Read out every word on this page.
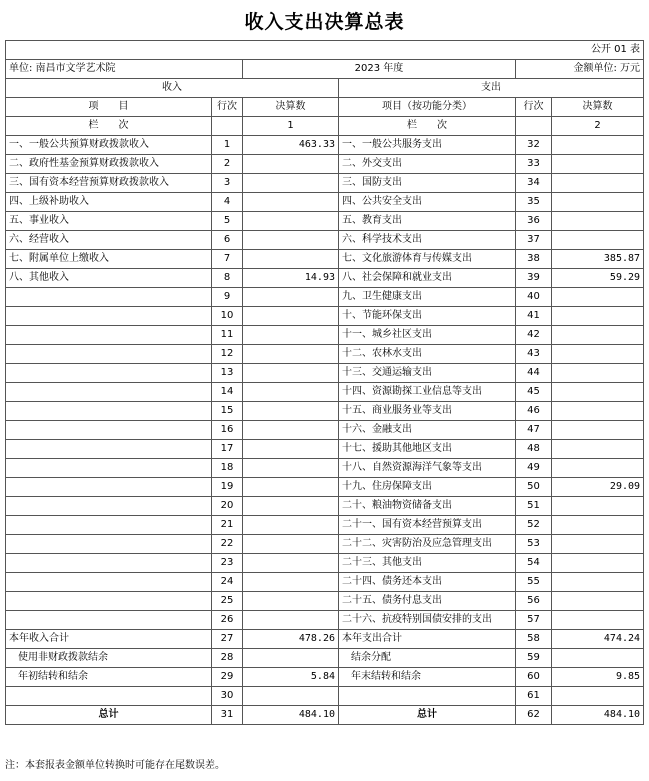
收入支出决算总表
公开 01 表					
单位: 南昌市文学艺术院		2023 年度		金额单位: 万元	
收入			支出		
项　　目	行次	决算数	项目（按功能分类）	行次	决算数
栏　　次		1	栏　　次		2
一、一般公共预算财政拨款收入	1	463.33	一、一般公共服务支出	32	
二、政府性基金预算财政拨款收入	2		二、外交支出	33	
三、国有资本经营预算财政拨款收入	3		三、国防支出	34	
四、上级补助收入	4		四、公共安全支出	35	
五、事业收入	5		五、教育支出	36	
六、经营收入	6		六、科学技术支出	37	
七、附属单位上缴收入	7		七、文化旅游体育与传媒支出	38	385.87
八、其他收入	8	14.93	八、社会保障和就业支出	39	59.29
	9		九、卫生健康支出	40	
	10		十、节能环保支出	41	
	11		十一、城乡社区支出	42	
	12		十二、农林水支出	43	
	13		十三、交通运输支出	44	
	14		十四、资源勘探工业信息等支出	45	
	15		十五、商业服务业等支出	46	
	16		十六、金融支出	47	
	17		十七、援助其他地区支出	48	
	18		十八、自然资源海洋气象等支出	49	
	19		十九、住房保障支出	50	29.09
	20		二十、粮油物资储备支出	51	
	21		二十一、国有资本经营预算支出	52	
	22		二十二、灾害防治及应急管理支出	53	
	23		二十三、其他支出	54	
	24		二十四、债务还本支出	55	
	25		二十五、债务付息支出	56	
	26		二十六、抗疫特别国债安排的支出	57	
本年收入合计	27	478.26	本年支出合计	58	474.24
使用非财政拨款结余	28		结余分配	59	
年初结转和结余	29	5.84	年末结转和结余	60	9.85
	30			61	
总计	31	484.10	总计	62	484.10
注：本套报表金额单位转换时可能存在尾数误差。
